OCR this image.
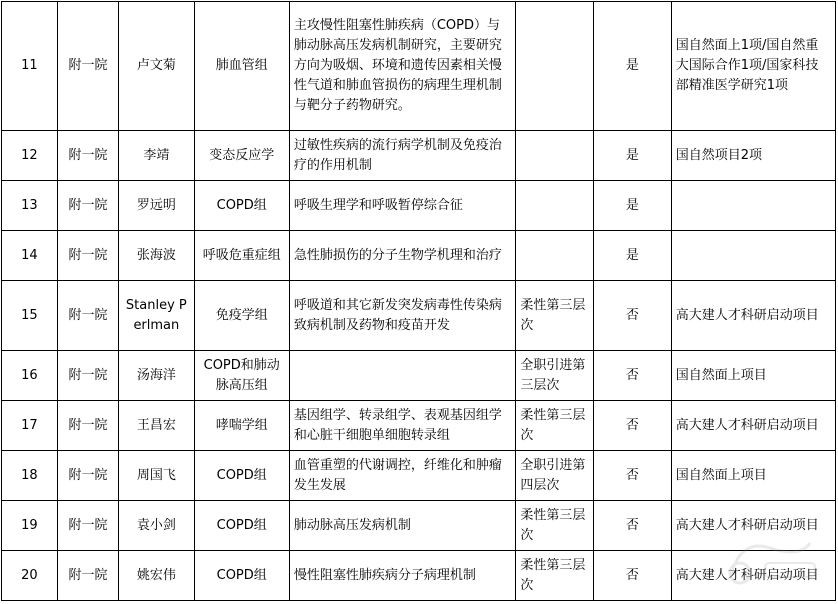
11	附一院	卢文菊	肺血管组	主攻慢性阻塞性肺疾病（COPD）与肺动脉高压发病机制研究，主要研究方向为吸烟、环境和遗传因素相关慢性气道和肺血管损伤的病理生理机制与靶分子药物研究。		是	国自然面上1项/国自然重大国际合作1项/国家科技部精准医学研究1项
12	附一院	李靖	变态反应学	过敏性疾病的流行病学机制及免疫治疗的作用机制		是	国自然项目2项
13	附一院	罗远明	COPD组	呼吸生理学和呼吸暂停综合征		是	
14	附一院	张海波	呼吸危重症组	急性肺损伤的分子生物学机理和治疗		是	
15	附一院	Stanley Perlman	免疫学组	呼吸道和其它新发突发病毒性传染病致病机制及药物和疫苗开发	柔性第三层次	否	高大建人才科研启动项目
16	附一院	汤海洋	COPD和肺动脉高压组		全职引进第三层次	否	国自然面上项目
17	附一院	王昌宏	哮喘学组	基因组学、转录组学、表观基因组学和心脏干细胞单细胞转录组	柔性第三层次	否	高大建人才科研启动项目
18	附一院	周国飞	COPD组	血管重塑的代谢调控，纤维化和肿瘤发生发展	全职引进第四层次	否	国自然面上项目
19	附一院	袁小剑	COPD组	肺动脉高压发病机制	柔性第三层次	否	高大建人才科研启动项目
20	附一院	姚宏伟	COPD组	慢性阻塞性肺疾病分子病理机制	柔性第三层次	否	高大建人才科研启动项目
